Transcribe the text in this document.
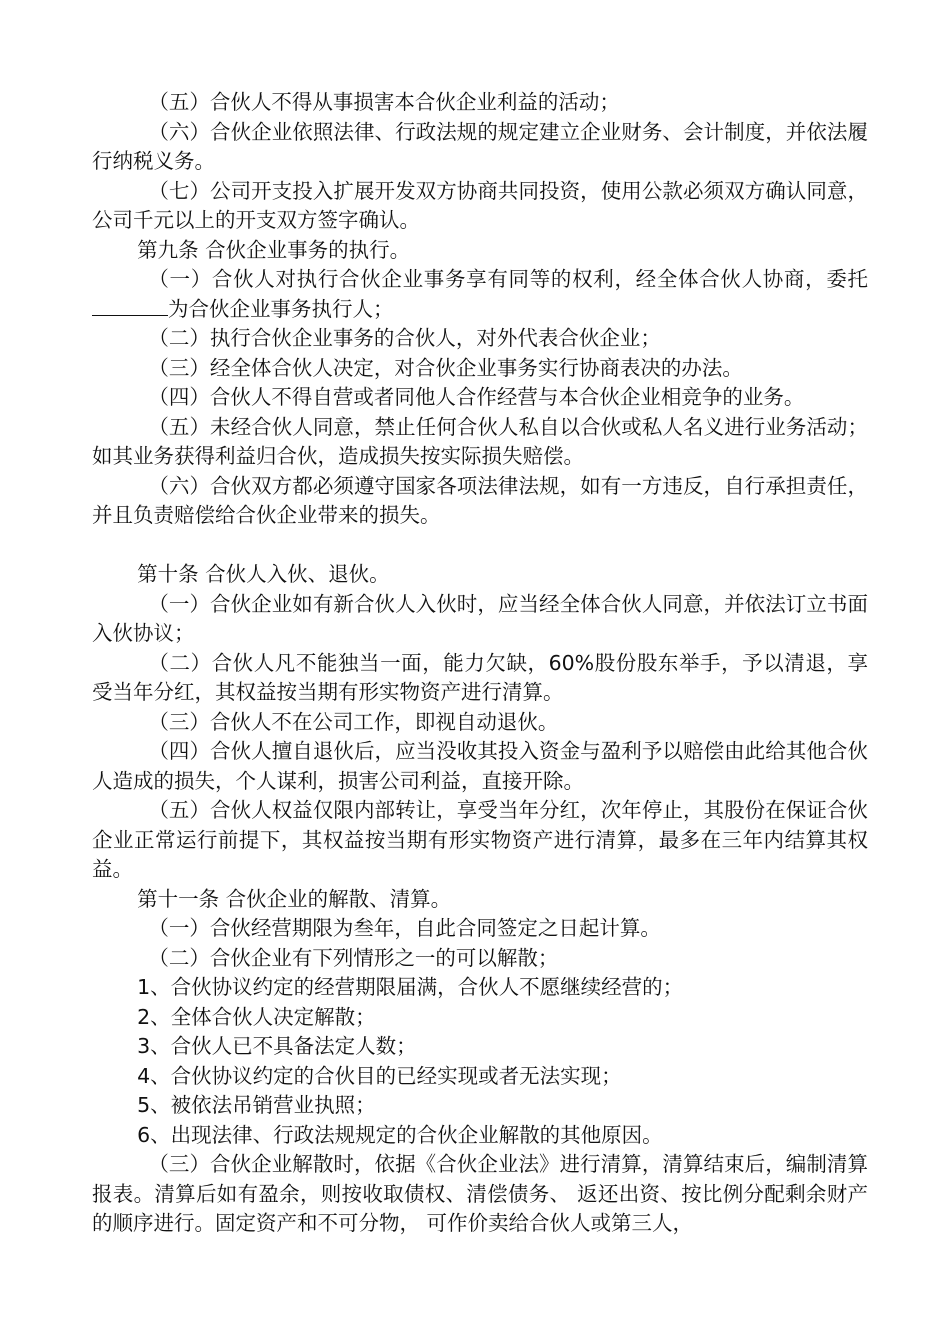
（五）合伙人不得从事损害本合伙企业利益的活动；

（六）合伙企业依照法律、行政法规的规定建立企业财务、会计制度，并依法履行纳税义务。

（七）公司开支投入扩展开发双方协商共同投资，使用公款必须双方确认同意，公司千元以上的开支双方签字确认。

第九条 合伙企业事务的执行。

（一）合伙人对执行合伙企业事务享有同等的权利，经全体合伙人协商，委托为合伙企业事务执行人；

（二）执行合伙企业事务的合伙人，对外代表合伙企业；

（三）经全体合伙人决定，对合伙企业事务实行协商表决的办法。

（四）合伙人不得自营或者同他人合作经营与本合伙企业相竞争的业务。

（五）未经合伙人同意，禁止任何合伙人私自以合伙或私人名义进行业务活动；如其业务获得利益归合伙，造成损失按实际损失赔偿。

（六）合伙双方都必须遵守国家各项法律法规，如有一方违反，自行承担责任，并且负责赔偿给合伙企业带来的损失。

第十条 合伙人入伙、退伙。

（一）合伙企业如有新合伙人入伙时，应当经全体合伙人同意，并依法订立书面入伙协议；

（二）合伙人凡不能独当一面，能力欠缺，60%股份股东举手，予以清退，享受当年分红，其权益按当期有形实物资产进行清算。

（三）合伙人不在公司工作，即视自动退伙。

（四）合伙人擅自退伙后，应当没收其投入资金与盈利予以赔偿由此给其他合伙人造成的损失，个人谋利，损害公司利益，直接开除。

（五）合伙人权益仅限内部转让，享受当年分红，次年停止，其股份在保证合伙企业正常运行前提下，其权益按当期有形实物资产进行清算，最多在三年内结算其权益。

第十一条 合伙企业的解散、清算。

（一）合伙经营期限为叁年，自此合同签定之日起计算。

（二）合伙企业有下列情形之一的可以解散；

1、合伙协议约定的经营期限届满，合伙人不愿继续经营的；

2、全体合伙人决定解散；

3、合伙人已不具备法定人数；

4、合伙协议约定的合伙目的已经实现或者无法实现；

5、被依法吊销营业执照；

6、出现法律、行政法规规定的合伙企业解散的其他原因。

（三）合伙企业解散时，依据《合伙企业法》进行清算，清算结束后，编制清算报表。清算后如有盈余，则按收取债权、清偿债务、 返还出资、按比例分配剩余财产的顺序进行。固定资产和不可分物， 可作价卖给合伙人或第三人，
